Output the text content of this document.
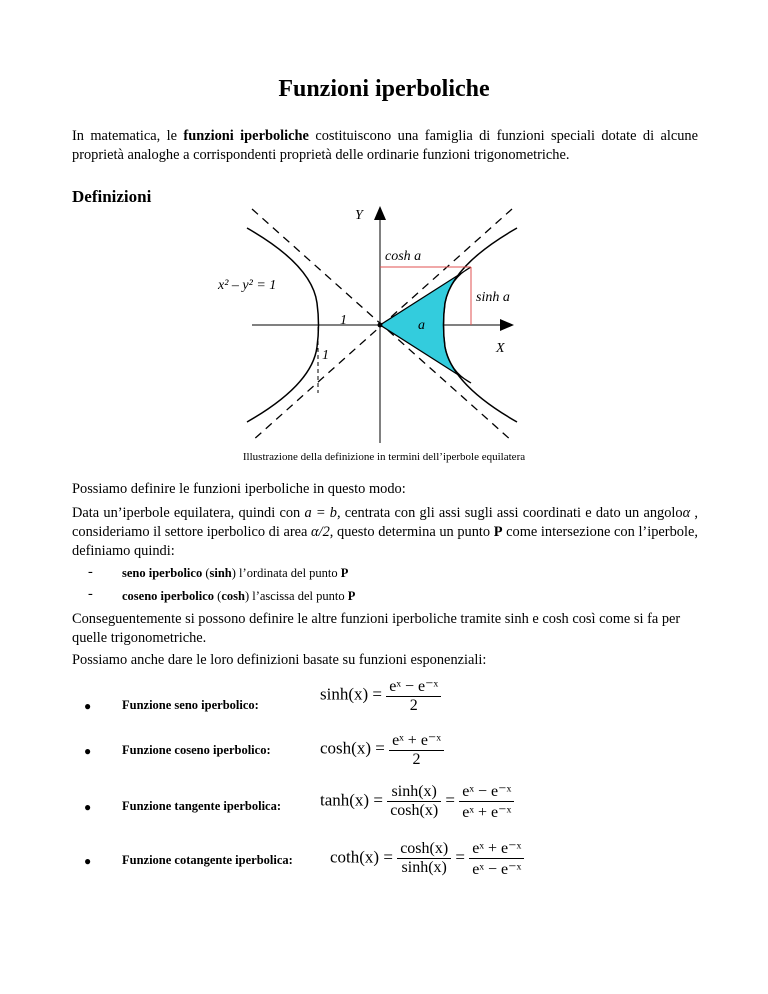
Funzioni iperboliche
In matematica, le funzioni iperboliche costituiscono una famiglia di funzioni speciali dotate di alcune proprietà analoghe a corrispondenti proprietà delle ordinarie funzioni trigonometriche.
Definizioni
Y
X
cosh a
sinh a
x² – y² = 1
1
1
a
Illustrazione della definizione in termini dell’iperbole equilatera
Possiamo definire le funzioni iperboliche in questo modo:
Data un’iperbole equilatera, quindi con a = b, centrata con gli assi sugli assi coordinati e dato un angoloα , consideriamo il settore iperbolico di area α/2, questo determina un punto P come intersezione con l’iperbole, definiamo quindi:
- seno iperbolico (sinh) l’ordinata del punto P
- coseno iperbolico (cosh) l’ascissa del punto P
Conseguentemente si possono definire le altre funzioni iperboliche tramite sinh e cosh così come si fa per quelle trigonometriche.
Possiamo anche dare le loro definizioni basate su funzioni esponenziali:
● Funzione seno iperbolico:
$\sinh(x) = \frac{\text{eˣ − e⁻ˣ}}{2}$
● Funzione coseno iperbolico:	$\cosh(x) = \frac{\text{eˣ + e⁻ˣ}}{2}$
● Funzione tangente iperbolica: $\tanh(x) = \frac{\sinh(x)}{\cosh(x)} = \frac{\text{eˣ − e⁻ˣ}}{\text{eˣ + e⁻ˣ}}$
● Funzione cotangente iperbolica: $\cot h(x) = \frac{\cosh(x)}{\sinh(x)} = \frac{\text{eˣ + e⁻ˣ}}{\text{eˣ − e⁻ˣ}}$
